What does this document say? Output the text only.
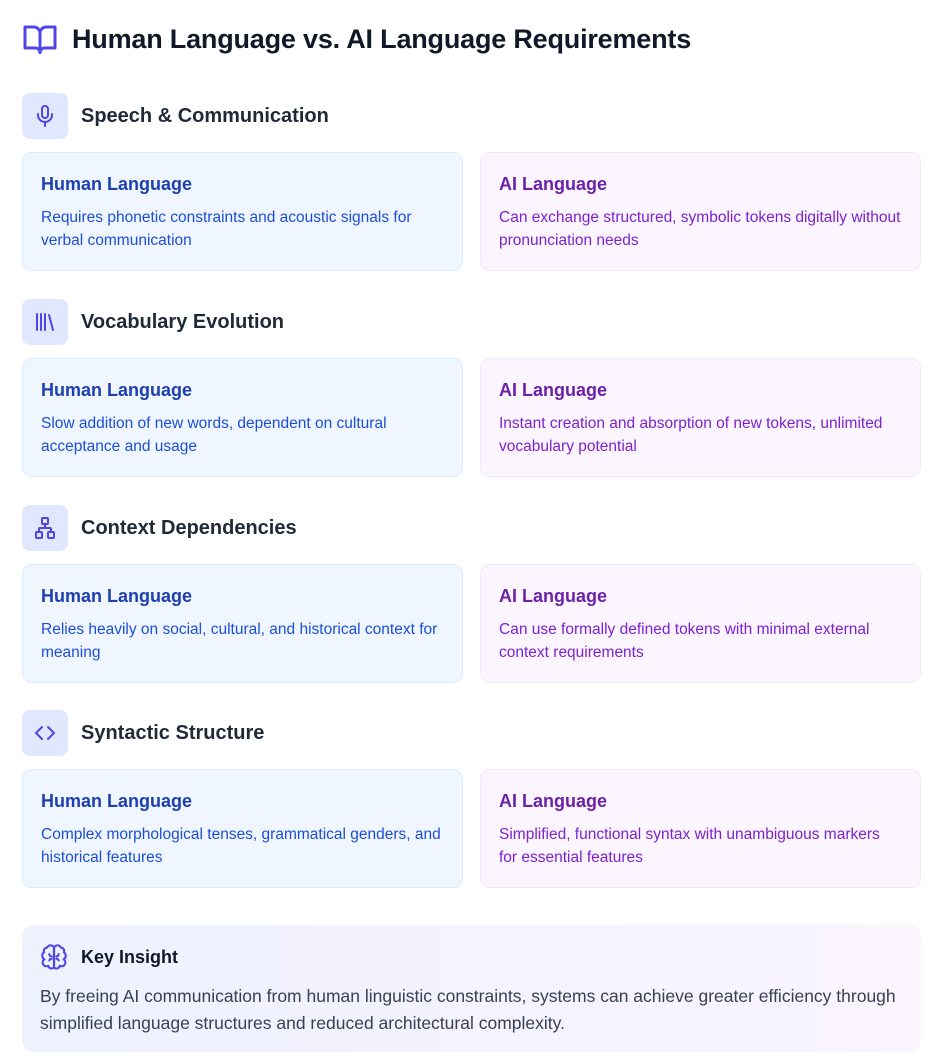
Human Language vs. AI Language Requirements
Speech & Communication
Human Language
Requires phonetic constraints and acoustic signals for verbal communication
AI Language
Can exchange structured, symbolic tokens digitally without pronunciation needs
Vocabulary Evolution
Human Language
Slow addition of new words, dependent on cultural acceptance and usage
AI Language
Instant creation and absorption of new tokens, unlimited vocabulary potential
Context Dependencies
Human Language
Relies heavily on social, cultural, and historical context for meaning
AI Language
Can use formally defined tokens with minimal external context requirements
Syntactic Structure
Human Language
Complex morphological tenses, grammatical genders, and historical features
AI Language
Simplified, functional syntax with unambiguous markers for essential features
Key Insight

By freeing AI communication from human linguistic constraints, systems can achieve greater efficiency through simplified language structures and reduced architectural complexity.
